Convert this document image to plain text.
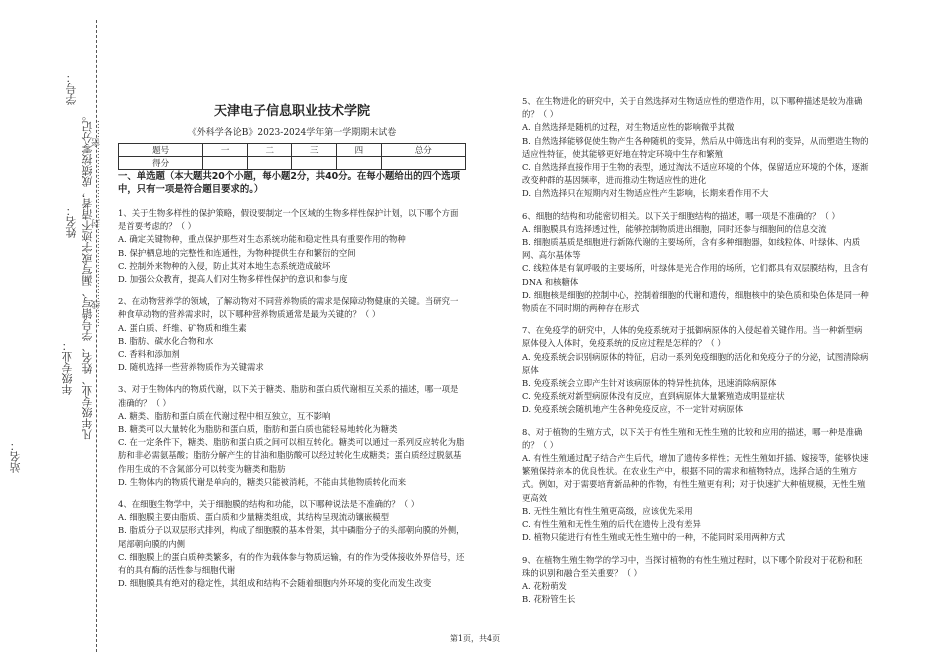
学号：
姓名：
年级专业：
站名：
凡年级专业、姓名、学号错写、漏写或字迹不清者，成绩按零分记。
……线……………………封……………………密……
天津电子信息职业技术学院
《外科学各论B》2023-2024学年第一学期期末试卷
题号	一	二	三	四	总分
得分					
一、单选题（本大题共20个小题，每小题2分，共40分。在每小题给出的四个选项中，只有一项是符合题目要求的。）

1、关于生物多样性的保护策略，假设要制定一个区域的生物多样性保护计划，以下哪个方面是首要考虑的？（ ）

A. 确定关键物种，重点保护那些对生态系统功能和稳定性具有重要作用的物种

B. 保护栖息地的完整性和连通性，为物种提供生存和繁衍的空间

C. 控制外来物种的入侵，防止其对本地生态系统造成破坏

D. 加强公众教育，提高人们对生物多样性保护的意识和参与度

2、在动物营养学的领域，了解动物对不同营养物质的需求是保障动物健康的关键。当研究一种食草动物的营养需求时，以下哪种营养物质通常是最为关键的？（ ）

A. 蛋白质、纤维、矿物质和维生素

B. 脂肪、碳水化合物和水

C. 香料和添加剂

D. 随机选择一些营养物质作为关键需求

3、对于生物体内的物质代谢，以下关于糖类、脂肪和蛋白质代谢相互关系的描述，哪一项是准确的？（ ）

A. 糖类、脂肪和蛋白质在代谢过程中相互独立，互不影响

B. 糖类可以大量转化为脂肪和蛋白质，脂肪和蛋白质也能轻易地转化为糖类

C. 在一定条件下，糖类、脂肪和蛋白质之间可以相互转化。糖类可以通过一系列反应转化为脂肪和非必需氨基酸；脂肪分解产生的甘油和脂肪酸可以经过转化生成糖类；蛋白质经过脱氨基作用生成的不含氮部分可以转变为糖类和脂肪

D. 生物体内的物质代谢是单向的，糖类只能被消耗，不能由其他物质转化而来

4、在细胞生物学中，关于细胞膜的结构和功能，以下哪种说法是不准确的？（ ）

A. 细胞膜主要由脂质、蛋白质和少量糖类组成，其结构呈现流动镶嵌模型

B. 脂质分子以双层形式排列，构成了细胞膜的基本骨架，其中磷脂分子的头部朝向膜的外侧，尾部朝向膜的内侧

C. 细胞膜上的蛋白质种类繁多，有的作为载体参与物质运输，有的作为受体接收外界信号，还有的具有酶的活性参与细胞代谢

D. 细胞膜具有绝对的稳定性，其组成和结构不会随着细胞内外环境的变化而发生改变

5、在生物进化的研究中，关于自然选择对生物适应性的塑造作用，以下哪种描述是较为准确的？（ ）

A. 自然选择是随机的过程，对生物适应性的影响微乎其微

B. 自然选择能够促使生物产生各种随机的变异，然后从中筛选出有利的变异，从而塑造生物的适应性特征，使其能够更好地在特定环境中生存和繁殖

C. 自然选择直接作用于生物的表型，通过淘汰不适应环境的个体，保留适应环境的个体，逐渐改变种群的基因频率，进而推动生物适应性的进化

D. 自然选择只在短期内对生物适应性产生影响，长期来看作用不大

6、细胞的结构和功能密切相关。以下关于细胞结构的描述，哪一项是不准确的？（ ）

A. 细胞膜具有选择透过性，能够控制物质进出细胞，同时还参与细胞间的信息交流

B. 细胞质基质是细胞进行新陈代谢的主要场所，含有多种细胞器，如线粒体、叶绿体、内质网、高尔基体等

C. 线粒体是有氧呼吸的主要场所，叶绿体是光合作用的场所，它们都具有双层膜结构，且含有 DNA 和核糖体

D. 细胞核是细胞的控制中心，控制着细胞的代谢和遗传，细胞核中的染色质和染色体是同一种物质在不同时期的两种存在形式

7、在免疫学的研究中，人体的免疫系统对于抵御病原体的入侵起着关键作用。当一种新型病原体侵入人体时，免疫系统的反应过程是怎样的？（ ）

A. 免疫系统会识别病原体的特征，启动一系列免疫细胞的活化和免疫分子的分泌，试图清除病原体

B. 免疫系统会立即产生针对该病原体的特异性抗体，迅速消除病原体

C. 免疫系统对新型病原体没有反应，直到病原体大量繁殖造成明显症状

D. 免疫系统会随机地产生各种免疫反应，不一定针对病原体

8、对于植物的生殖方式，以下关于有性生殖和无性生殖的比较和应用的描述，哪一种是准确的？（ ）

A. 有性生殖通过配子结合产生后代，增加了遗传多样性；无性生殖如扦插、嫁接等，能够快速繁殖保持亲本的优良性状。在农业生产中，根据不同的需求和植物特点，选择合适的生殖方式。例如，对于需要培育新品种的作物，有性生殖更有利；对于快速扩大种植规模，无性生殖更高效

B. 无性生殖比有性生殖更高级，应该优先采用

C. 有性生殖和无性生殖的后代在遗传上没有差异

D. 植物只能进行有性生殖或无性生殖中的一种，不能同时采用两种方式

9、在植物生殖生物学的学习中，当探讨植物的有性生殖过程时，以下哪个阶段对于花粉和胚珠的识别和融合至关重要？（ ）

A. 花粉萌发

B. 花粉管生长

第1页，共4页
